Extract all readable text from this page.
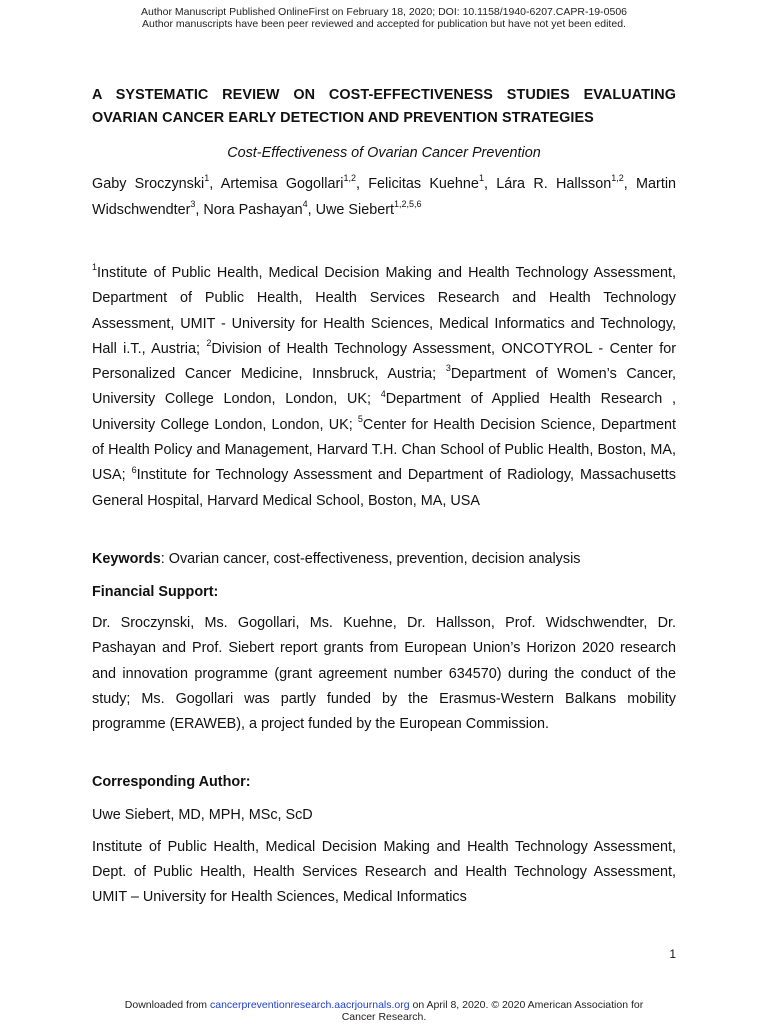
Author Manuscript Published OnlineFirst on February 18, 2020; DOI: 10.1158/1940-6207.CAPR-19-0506
Author manuscripts have been peer reviewed and accepted for publication but have not yet been edited.
A SYSTEMATIC REVIEW ON COST-EFFECTIVENESS STUDIES EVALUATING
OVARIAN CANCER EARLY DETECTION AND PREVENTION STRATEGIES
Cost-Effectiveness of Ovarian Cancer Prevention

Gaby Sroczynski$^1$, Artemisa Gogollari$^{1,2}$, Felicitas Kuehne$^1$, Lára R. Hallsson$^{1,2}$, Martin Widschwendter$^3$, Nora Pashayan$^4$, Uwe Siebert$^{1,2,5,6}$

$^1$Institute of Public Health, Medical Decision Making and Health Technology Assessment, Department of Public Health, Health Services Research and Health Technology Assessment, UMIT - University for Health Sciences, Medical Informatics and Technology, Hall i.T., Austria; $^2$Division of Health Technology Assessment, ONCOTYROL - Center for Personalized Cancer Medicine, Innsbruck, Austria; $^3$Department of Women’s Cancer, University College London, London, UK; $^4$Department of Applied Health Research , University College London, London, UK; $^5$Center for Health Decision Science, Department of Health Policy and Management, Harvard T.H. Chan School of Public Health, Boston, MA, USA; $^6$Institute for Technology Assessment and Department of Radiology, Massachusetts General Hospital, Harvard Medical School, Boston, MA, USA

Keywords: Ovarian cancer, cost-effectiveness, prevention, decision analysis

Financial Support:

Dr. Sroczynski, Ms. Gogollari, Ms. Kuehne, Dr. Hallsson, Prof. Widschwendter, Dr. Pashayan and Prof. Siebert report grants from European Union’s Horizon 2020 research and innovation programme (grant agreement number 634570) during the conduct of the study; Ms. Gogollari was partly funded by the Erasmus-Western Balkans mobility programme (ERAWEB), a project funded by the European Commission.

Corresponding Author:

Uwe Siebert, MD, MPH, MSc, ScD

Institute of Public Health, Medical Decision Making and Health Technology Assessment, Dept. of Public Health, Health Services Research and Health Technology Assessment, UMIT – University for Health Sciences, Medical Informatics

1
Downloaded from cancerpreventionresearch.aacrjournals.org on April 8, 2020. © 2020 American Association for
Cancer Research.
